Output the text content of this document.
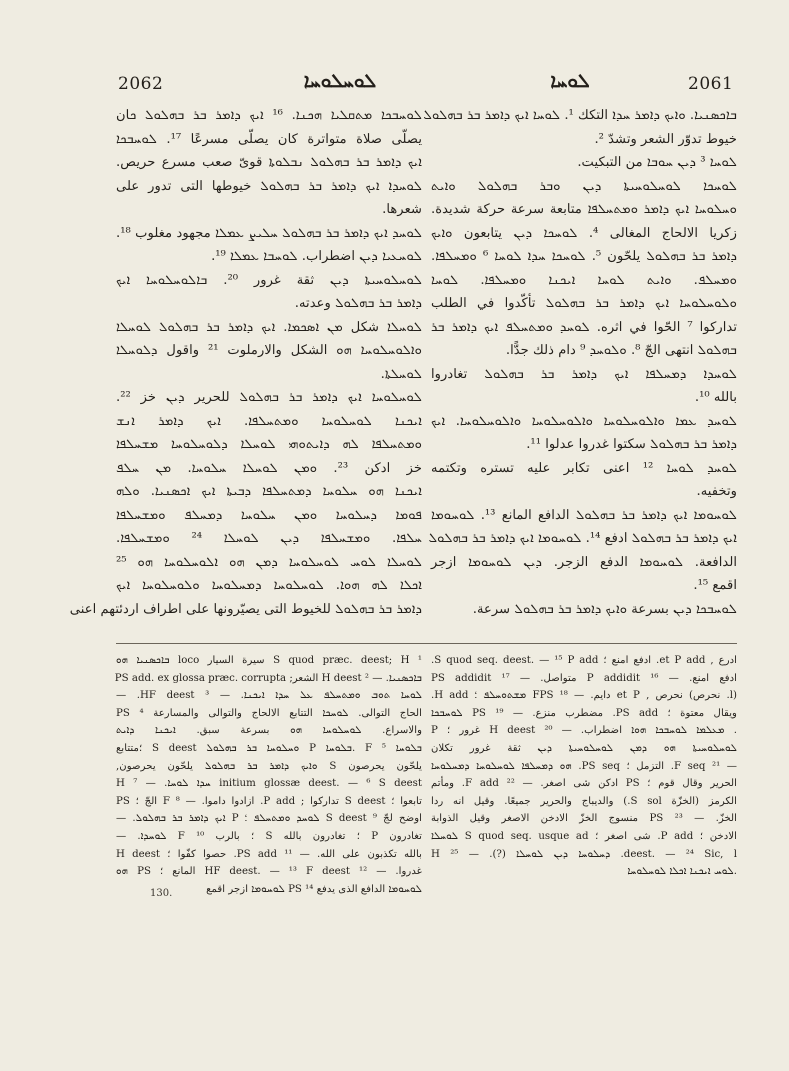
2062	ܠܘܚܠܘܚܐ	ܠܘܚܐ	2061
ܠܘܚܒܟܐ ܡܬܩܠܝܐ ܗܟܢܐ. ¹⁶ ܐܝܟ ܕܐܡܪ ܒܪ ܒܗܠܘܠ ܟان
يصلّى صلاة متواترة كان يصلّى مسرعًا ¹⁷. ܠܘܚܒܟܐ
ܐܝܟ ܕܐܡܪ ܒܪ ܒܗܠܘܠ ܢܒܠܘܬܐ قوىّ صعب مسرع حريص.
ܠܘܚܕܐ ܐܝܟ ܕܐܡܪ ܒܪ ܒܗܠܘܠ خيوطها التى تدور على
شعرها.
ܠܘܚܕ ܐܝܟ ܕܐܡܪ ܒܪ ܒܗܠܘܠ ܚܠܝܨ ܥܡܠܐ مجهود مغلوب ¹⁸.
ܠܘܚܥܝܐ ܕܝܢ اضطراب. ܠܘܚܒܐ ܥܡܠܐ ¹⁹.
ܠܘܚܠܘܚܝܬܐ ܕܝܢ ثقة غرور ²⁰. ܒܐܠܘܚܠܘܚܐ ܐܝܟ
ܕܐܡܪ ܒܪ ܒܗܠܘܠ وعدته.
ܠܘܚܠܐ شكل ܡܢ ܐܣܟܡܐ. ܐܝܟ ܕܐܡܪ ܒܪ ܒܗܠܘܠ ܠܘܚܠܐ
ܘܐܠܘܚܠܘܚܐ ܗܘ الشكل والارملوت ²¹ واقول ܕܠܘܚܠܐ
ܠܘܚܠܬܐ.
ܠܘܚܠܘܚܐ ܐܝܟ ܕܐܡܪ ܒܪ ܒܗܠܘܠ للحرير ܕܝܢ خز ²².
ܐܝܟܢܐ ܠܘܚܠܘܚܐ ܘܡܬܚܠܦܐ. ܐܝܟ ܕܐܡܪ ܐܢܫ
ܘܡܬܚܠܦܐ ܠܗ ܕܐܝܬܘܗܝ ܠܘܚܠܐ ܕܠܘܚܠܘܚܐ ܡܫܚܠܦܐ
خز ادكن ²³. ܘܡܢ ܠܘܚܠܐ ܚܠܘܚܐ. ܡܢ ܚܠܦ
ܐܝܟܢܐ ܗܘ ܚܠܘܚܐ ܕܡܬܚܠܦܐ ܕܒܝܬܐ ܐܝܟ ܐܟܣܢܝܐ. ܘܠܗ
ܦܘܡܐ ܕܚܠܘܚܐ ܘܡܢ ܚܠܘܚܐ ܕܡܚܠܦ ܘܡܫܚܠܦܐ
ܚܠܦܐ. ܘܡܫܚܠܦܐ ܕܝܢ ܠܘܚܠܐ ²⁴ ܘܡܫܚܠܦܐ.
ܠܘܚܠܐ ܠܘܚ ܠܘܚܠܘܚܐ ܕܡܢ ܗܘ ܐܠܘܚܠܘܚܐ ܗܘ ²⁵
ܐܟܠܐ ܠܗ ܗܘܐ. ܠܘܚܠܘܚܐ ܕܡܚܠܘܚܐ ܘܠܘܚܠܘܚܐ ܐܝܟ
ܕܐܡܪ ܒܪ ܒܗܠܘܠ للخيوط التى يصيّرونها على اطراف اردئتهم اعنى
ܒܐܟܣܢܝܐ. ܘܐܝܟ ܕܐܡܪ ܚܕܐ التكك ¹. ܠܘܚܐ ܐܝܟ ܕܐܡܪ ܒܪ ܒܗܠܘܠ
خيوط تدوّر الشعر وتشدّ ².
ܠܘܚܐ ³ ܕܝܢ ܚܘܒܐ من التبكيت.
ܠܘܚܟܐ ܠܘܚܠܘܚܝܬܐ ܕܝܢ ܘܒܪ ܒܗܠܘܠ ܘܐܝܬ
ܘܚܠܘܚܐ ܐܝܟ ܕܐܡܪ ܘܡܬܚܠܦܐ متابعة سرعة حركة شديدة.
زكريا الالحاج المغالى ⁴. ܠܘܚܟܐ ܕܝܢ يتابعون ܘܐܝܟ
ܕܐܡܪ ܒܪ ܒܗܠܘܠ يلحّون ⁵. ܠܘܚܟܐ ܚܕܐ ܠܘܚܐ ⁶ ܘܡܚܠܦܐ.
ܘܡܚܠܦ. ܘܐܝܬ ܠܘܚܐ ܐܝܟܢܐ ܘܡܚܠܦܐ. ܠܘܚܐ
ܘܠܘܚܠܘܚܐ ܐܝܟ ܕܐܡܪ ܒܪ ܒܗܠܘܠ تأكّدوا في الطلب
تداركوا ⁷ الحّوا في اثره. ܠܘܚܕ ܘܡܬܚܠܦ ܐܝܟ ܕܐܡܪ ܒܪ
ܒܗܠܘܠ انتهى الجّ ⁸. ܘܠܘܚܕ ⁹ دام ذلك جدًّا.
ܠܘܚܕܐ ܕܡܚܠܦܐ ܐܝܟ ܕܐܡܪ ܒܪ ܒܗܠܘܠ تغادروا
بالله ¹⁰.
ܠܘܚܕ ܥܡܐ ܘܐܠܘܚܠܘܚܐ ܘܐܠܘܚܠܘܚܐ ܘܐܠܘܚܠܘܚܐ. ܐܝܟ
ܕܐܡܪ ܒܪ ܒܗܠܘܠ سكتوا غدروا عدلوا ¹¹.
ܠܘܚܕ ܠܘܚܐ ¹² اعنى تكابر عليه تستره وتكتمه
وتخفيه.
ܠܘܚܘܡܐ ܐܝܟ ܕܐܡܪ ܒܪ ܒܗܠܘܠ الدافع المانع ¹³. ܠܘܚܘܡܐ
ܐܝܟ ܕܐܡܪ ܒܪ ܒܗܠܘܠ ادفع ¹⁴. ܠܘܚܘܡܐ ܐܝܟ ܕܐܡܪ ܒܪ ܒܗܠܘܠ
الدافعة. ܠܘܚܘܡܐ الدفع الزجر. ܕܝܢ ܠܘܚܘܡܐ ازجر
اقمع ¹⁵.
ܠܘܚܒܟܐ ܕܝܢ بسرعة ܘܐܝܟ ܕܐܡܪ ܒܪ ܒܗܠܘܠ سرعة.
¹ S quod præc. deest; H سيرة السيار loco ܒܐܟܣܢܝܐ ܗܘ
ܒܐܟܣܢܝܐ. — ² H deest الشعر; PS add. ex glossa præc. corrupta
ܠܘܚܐ ܬܘܒ ܘܡܬܚܠܦ ܥܠ ܚܕܐ ܐܝܟܢܐ. — ³ HF deest. —
الحاج التوالى. ܠܘܚܟܐ التتابع الالحاج والتوالى والمسارعة ⁴ PS
والاسراع. ܠܘܚܠܘܚܐ ܗܘ بسرعة سبق. ܐܝܟܢܐ ܕܐܝܬ
ܒܠܘܚܐ ⁵ F .ܒܠܘܚܐ P ܘܚܠܘܚܐ ܒܪ ܒܗܠܘܠ S deest ؛متتابع
يلحّون يحرصون S ܘܐܝܟ ܕܐܡܪ ܒܪ ܒܗܠܘܠ يلحّون يحرصون,
initium glossæ deest. — ⁶ S deest ܚܕܐ ܠܘܚܐ. — ⁷ H
تابعوا ؛ S deest تداركوا ; P add. ازادوا داموا. — ⁸ F الجّ ؛ PS
اوضح لجّ ⁹ S deest ܠܘܚܕ ܘܡܬܚܠܦ ؛ P ܐܝܟ ܕܐܡܪ ܒܪ ܒܗܠܘܠ. —
تغادرون P ؛ تغادرون بالله S ؛ بالرب ¹⁰ F ܠܘܚܕܐ. —
بالله تكذبون على الله. — ¹¹ PS add. حصوا كفّوا ؛ H deest
غدروا. — ¹² HF deest. — ¹³ F deest المانع ؛ PS ܗܘ
ܠܘܚܘܡܐ الدافع الذى يدفع ¹⁴ PS ܠܘܚܘܡܐ ازجر اقمع
ادرع , et P add. ادفع امنع ؛ S quod seq. deest. — ¹⁵ P add.
ادفع امنع. — ¹⁶ P addidit متواصل. — ¹⁷ PS addidit
(l. نحرص) نحرص , et P دايم. — ¹⁸ FPS ܡܫܬܘܚܠܦ ؛ H add.
ويقال معتوة ؛ PS add. مضطرب منزع. — ¹⁹ PS ܠܘܚܒܟܐ
. ܡܥܠܡܐ ܠܘܚܒܟܐ ܗܘܐ اضطراب. — ²⁰ H deest غرور ؛ P
ܠܘܚܠܘܚܝܬܐ ܗܘ ܕܡܢ ܠܘܚܠܘܚܝܬܐ ܕܝܢ ثقة غرور تكلان
— ²¹ F seq. التزمل ؛ PS seq. ܗܘ ܕܡܚܠܦܐ ܠܘܚܠܘܚܐ ܕܡܚܠܘܚܐ
الحرير وقال قوم ؛ PS ادكن شى اصغر. — ²² F add. ومأتم
الكرمز (الخزّة S sol.) والديباج والحرير جميعًا. وقيل انه ردا
الخزّ. — ²³ PS منسوج الخزّ الادخن الاصغر وقيل الذوابة
الادخن ؛ P add. شى اصغر ؛ S quod seq. usque ad ܠܘܚܠܐ
deest. — ²⁴ Sic, l. ܕܚܠܘܚܐ ܕܝܢ ܠܘܚܠܐ (?). — ²⁵ H
.ܠܘܚ ܐܝܟܢܐ ܐܟܠܐ ܠܘܚܠܘܚܐ
130.
